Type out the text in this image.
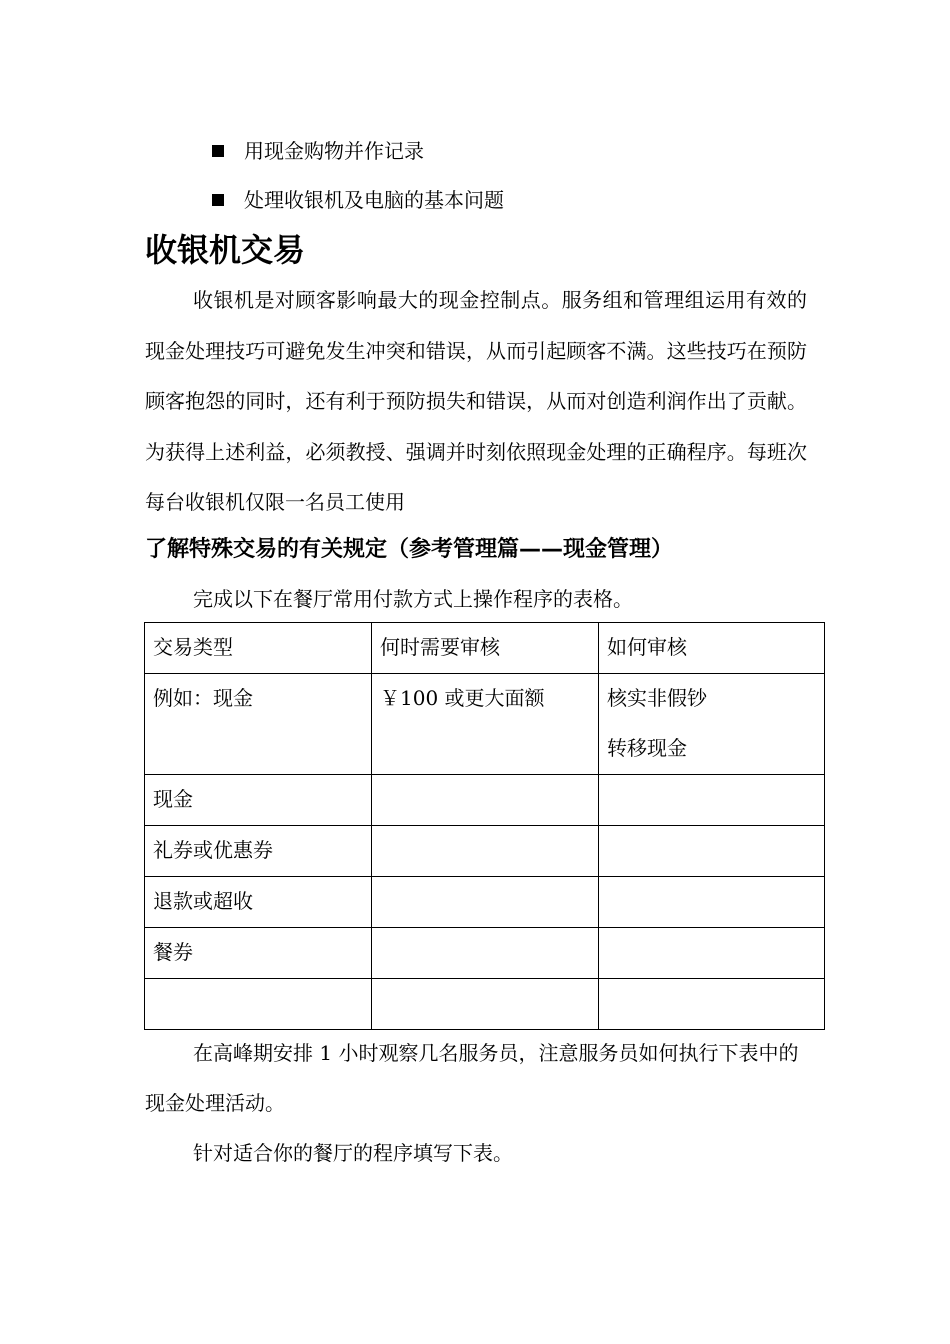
用现金购物并作记录
处理收银机及电脑的基本问题
收银机交易

收银机是对顾客影响最大的现金控制点。服务组和管理组运用有效的现金处理技巧可避免发生冲突和错误，从而引起顾客不满。这些技巧在预防顾客抱怨的同时，还有利于预防损失和错误，从而对创造利润作出了贡献。为获得上述利益，必须教授、强调并时刻依照现金处理的正确程序。每班次每台收银机仅限一名员工使用

了解特殊交易的有关规定（参考管理篇——现金管理）
完成以下在餐厅常用付款方式上操作程序的表格。
交易类型	何时需要审核	如何审核
例如：现金	￥100 或更大面额	核实非假钞
转移现金

现金		
礼券或优惠券		
退款或超收		
餐券		

在高峰期安排 1 小时观察几名服务员，注意服务员如何执行下表中的现金处理活动。

针对适合你的餐厅的程序填写下表。
